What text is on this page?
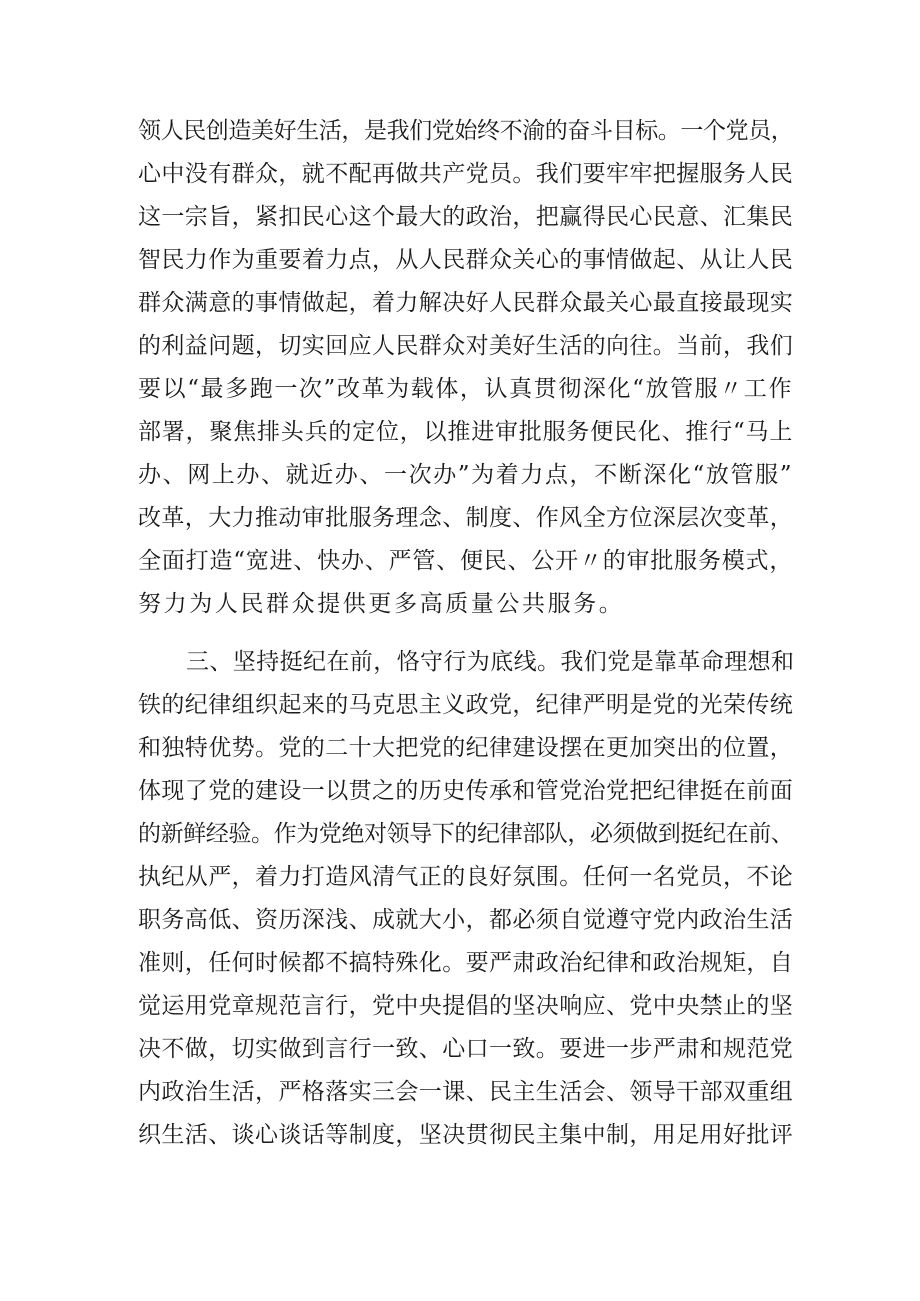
领人民创造美好生活，是我们党始终不渝的奋斗目标。一个党员，

心中没有群众，就不配再做共产党员。我们要牢牢把握服务人民

这一宗旨，紧扣民心这个最大的政治，把赢得民心民意、汇集民

智民力作为重要着力点，从人民群众关心的事情做起、从让人民

群众满意的事情做起，着力解决好人民群众最关心最直接最现实

的利益问题，切实回应人民群众对美好生活的向往。当前，我们

要以“最多跑一次”改革为载体，认真贯彻深化“放管服〃工作

部署，聚焦排头兵的定位，以推进审批服务便民化、推行“马上

办、网上办、就近办、一次办”为着力点，不断深化“放管服”

改革，大力推动审批服务理念、制度、作风全方位深层次变革，

全面打造“宽进、快办、严管、便民、公开〃的审批服务模式，

努力为人民群众提供更多高质量公共服务。

三、坚持挺纪在前，恪守行为底线。我们党是靠革命理想和

铁的纪律组织起来的马克思主义政党，纪律严明是党的光荣传统

和独特优势。党的二十大把党的纪律建设摆在更加突出的位置，

体现了党的建设一以贯之的历史传承和管党治党把纪律挺在前面

的新鲜经验。作为党绝对领导下的纪律部队，必须做到挺纪在前、

执纪从严，着力打造风清气正的良好氛围。任何一名党员，不论

职务高低、资历深浅、成就大小，都必须自觉遵守党内政治生活

准则，任何时候都不搞特殊化。要严肃政治纪律和政治规矩，自

觉运用党章规范言行，党中央提倡的坚决响应、党中央禁止的坚

决不做，切实做到言行一致、心口一致。要进一步严肃和规范党

内政治生活，严格落实三会一课、民主生活会、领导干部双重组

织生活、谈心谈话等制度，坚决贯彻民主集中制，用足用好批评
